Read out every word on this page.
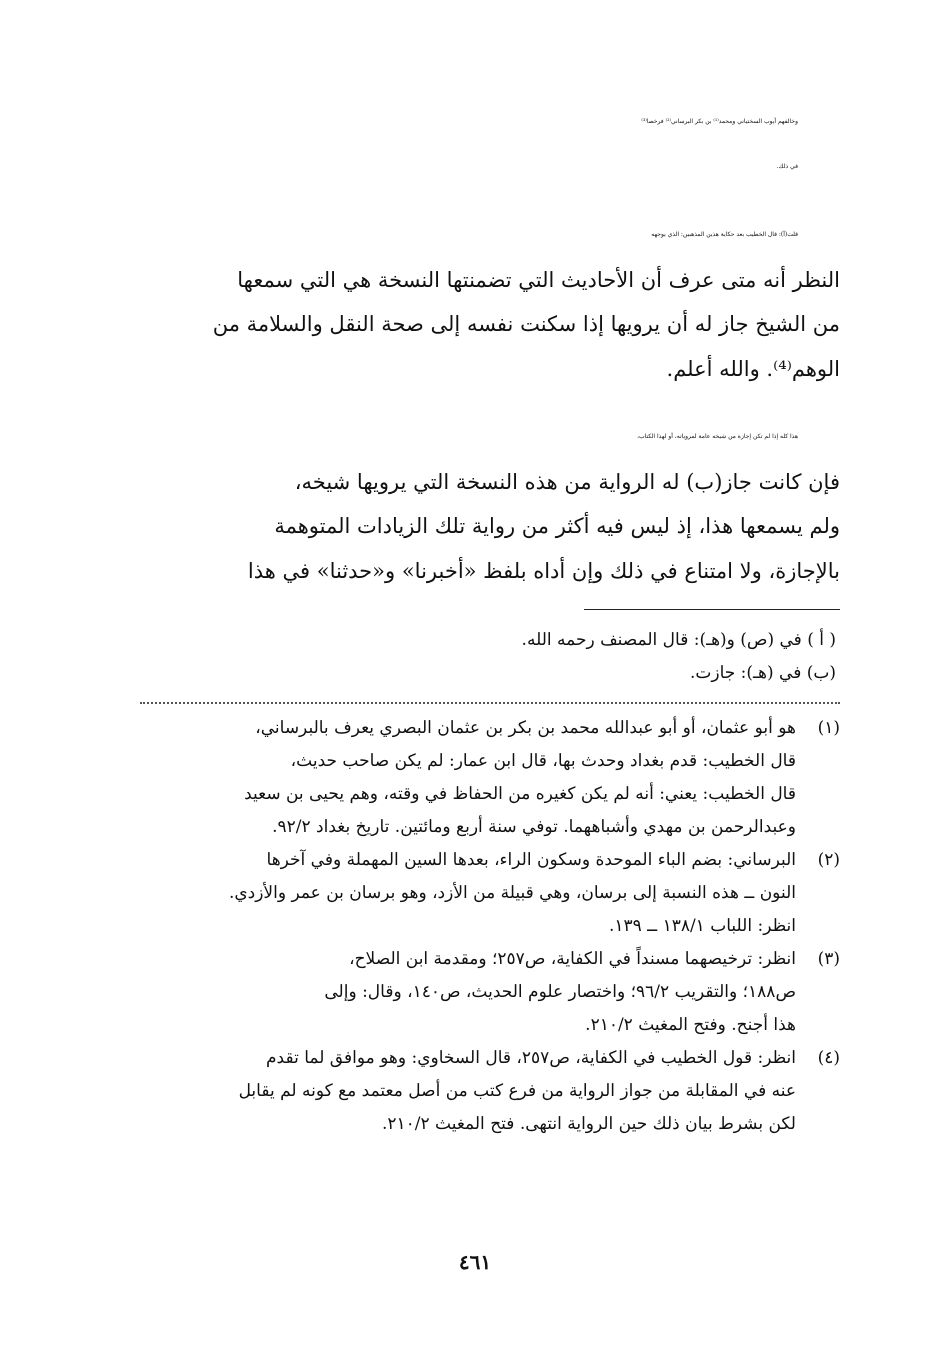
وخالفهم أيوب السختياني ومحمد⁽¹⁾ بن بكر البرساني⁽²⁾ فرخصا⁽³⁾
في ذلك.

قلت(أ): قال الخطيب بعد حكاية هذين المذهبين: الذي يوجهه
النظر أنه متى عرف أن الأحاديث التي تضمنتها النسخة هي التي سمعها
من الشيخ جاز له أن يرويها إذا سكنت نفسه إلى صحة النقل والسلامة من
الوهم⁽⁴⁾. والله أعلم.

هذا كله إذا لم تكن إجازة من شيخه عامة لمروياته، أو لهذا الكتاب،
فإن كانت جاز(ب) له الرواية من هذه النسخة التي يرويها شيخه،
ولم يسمعها هذا، إذ ليس فيه أكثر من رواية تلك الزيادات المتوهمة
بالإجازة، ولا امتناع في ذلك وإن أداه بلفظ «أخبرنا» و«حدثنا» في هذا

( أ ) في (ص) و(هـ): قال المصنف رحمه الله.
(ب) في (هـ): جازت.
(١)
هو أبو عثمان، أو أبو عبدالله محمد بن بكر بن عثمان البصري يعرف بالبرساني،
قال الخطيب: قدم بغداد وحدث بها، قال ابن عمار: لم يكن صاحب حديث،
قال الخطيب: يعني: أنه لم يكن كغيره من الحفاظ في وقته، وهم يحيى بن سعيد
وعبدالرحمن بن مهدي وأشباههما. توفي سنة أربع ومائتين. تاريخ بغداد ٩٢/٢.
(٢)
البرساني: بضم الباء الموحدة وسكون الراء، بعدها السين المهملة وفي آخرها
النون ــ هذه النسبة إلى برسان، وهي قبيلة من الأزد، وهو برسان بن عمر والأزدي.
انظر: اللباب ١٣٨/١ ــ ١٣٩.
(٣)
انظر: ترخيصهما مسنداً في الكفاية، ص٢٥٧؛ ومقدمة ابن الصلاح،
ص١٨٨؛ والتقريب ٩٦/٢؛ واختصار علوم الحديث، ص١٤٠، وقال: وإلى
هذا أجنح. وفتح المغيث ٢١٠/٢.
(٤)
انظر: قول الخطيب في الكفاية، ص٢٥٧، قال السخاوي: وهو موافق لما تقدم
عنه في المقابلة من جواز الرواية من فرع كتب من أصل معتمد مع كونه لم يقابل
لكن بشرط بيان ذلك حين الرواية انتهى. فتح المغيث ٢١٠/٢.
٤٦١
